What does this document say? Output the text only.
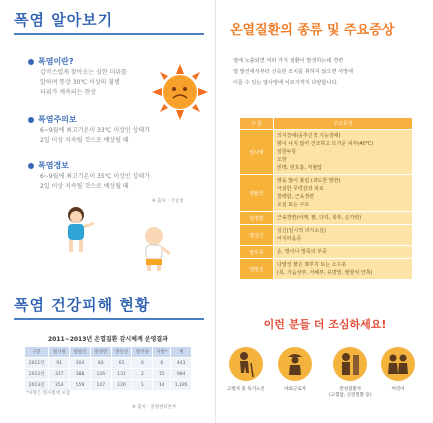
폭염 알아보기
폭염이란?
갑작스럽게 찾아오는 심한 더위를
말하며 통상 30℃ 이상의 불볕
더위가 계속되는 현상
폭염주의보
6~9월에 최고기온이 33℃ 이상인 상태가
2일 이상 지속될 것으로 예상될 때
폭염경보
6~9월에 최고기온이 35℃ 이상인 상태가
2일 이상 지속될 것으로 예상될 때
※ 출처 : 기상청
폭염 건강피해 현황
2011~2013년 온열질환 감시체계 운영결과
구분	열사병	열탈진	열경련	열실신	열부종	사망*	계
2011년	91	304	83	65	0	6	443
2012년	317	388	126	131	2	15	984
2013년	353	559	147	126	1	14	1,195
*사망은 열사병에 포함
※ 출처 : 질병관리본부
온열질환의 종류 및 주요증상
열에 노출되면 여러 가지 질환이 발생하는데 경련
열 발진에서부터 신속한 조치를 취하지 않으면 사망에
이를 수 있는 열사병에 이르기까지 다양합니다.
구 분	주요증상
열사병	의식장애(중추신경 기능장애)
땀이 나지 않아 건조하고 뜨거운 피부(40℃)
심한두통
오한
빈맥, 빈호흡, 저혈압

열탈진	땀을 많이 흘림 (과도한 발한)
극심한 무력감과 피로
창백함, 근육경련
오심 또는 구토

열경련	근육경련(어깨, 팔, 다리, 복부, 손가락)

열실신	실신(일시적 의식소실)
어지러움증

열부종	손, 발이나 발목의 부종

열발진	다발성 붉은 뾰루지 또는 소수포
(목, 가슴상부, 서혜부, 유방밑, 팔꿈치 안쪽)
이런 분들 더 조심하세요!
고령자 및 독거노인	야외근로자	만성질환자
(고혈압, 신장질환 등)
어린이
